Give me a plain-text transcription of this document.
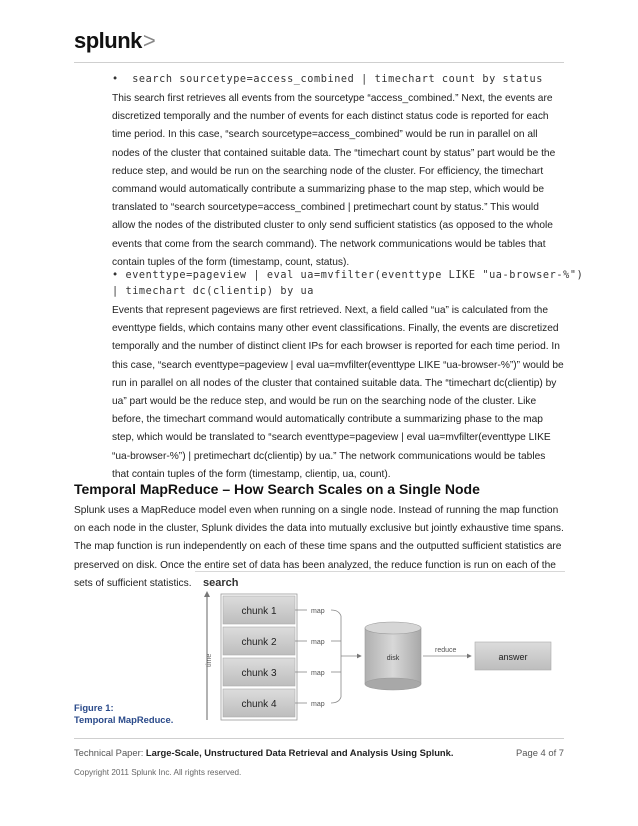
splunk>
•  search sourcetype=access_combined | timechart count by status
This search first retrieves all events from the sourcetype “access_combined.” Next, the events are discretized temporally and the number of events for each distinct status code is reported for each time period. In this case, “search sourcetype=access_combined” would be run in parallel on all nodes of the cluster that contained suitable data. The “timechart count by status” part would be the reduce step, and would be run on the searching node of the cluster. For efficiency, the timechart command would automatically contribute a summarizing phase to the map step, which would be translated to “search sourcetype=access_combined | pretimechart count by status.” This would allow the nodes of the distributed cluster to only send sufficient statistics (as opposed to the whole events that come from the search command). The network communications would be tables that contain tuples of the form (timestamp, count, status).
• eventtype=pageview | eval ua=mvfilter(eventtype LIKE "ua-browser-%")
| timechart dc(clientip) by ua
Events that represent pageviews are first retrieved. Next, a field called “ua” is calculated from the eventtype fields, which contains many other event classifications. Finally, the events are discretized temporally and the number of distinct client IPs for each browser is reported for each time period. In this case, “search eventtype=pageview | eval ua=mvfilter(eventtype LIKE “ua-browser-%”)” would be run in parallel on all nodes of the cluster that contained suitable data. The “timechart dc(clientip) by ua” part would be the reduce step, and would be run on the searching node of the cluster. Like before, the timechart command would automatically contribute a summarizing phase to the map step, which would be translated to “search eventtype=pageview | eval ua=mvfilter(eventtype LIKE “ua-browser-%”) | pretimechart dc(clientip) by ua.” The network communications would be tables that contain tuples of the form (timestamp, clientip, ua, count).
Temporal MapReduce – How Search Scales on a Single Node
Splunk uses a MapReduce model even when running on a single node. Instead of running the map function on each node in the cluster, Splunk divides the data into mutually exclusive but jointly exhaustive time spans. The map function is run independently on each of these time spans and the outputted sufficient statistics are preserved on disk. Once the entire set of data has been analyzed, the reduce function is run on each of the sets of sufficient statistics.
Figure 1:
Temporal MapReduce.
search
time
chunk 1
chunk 2
chunk 3
chunk 4
map
map
map
map
disk
reduce
answer
Technical Paper: Large-Scale, Unstructured Data Retrieval and Analysis Using Splunk.	Page 4 of 7
Copyright 2011 Splunk Inc. All rights reserved.
